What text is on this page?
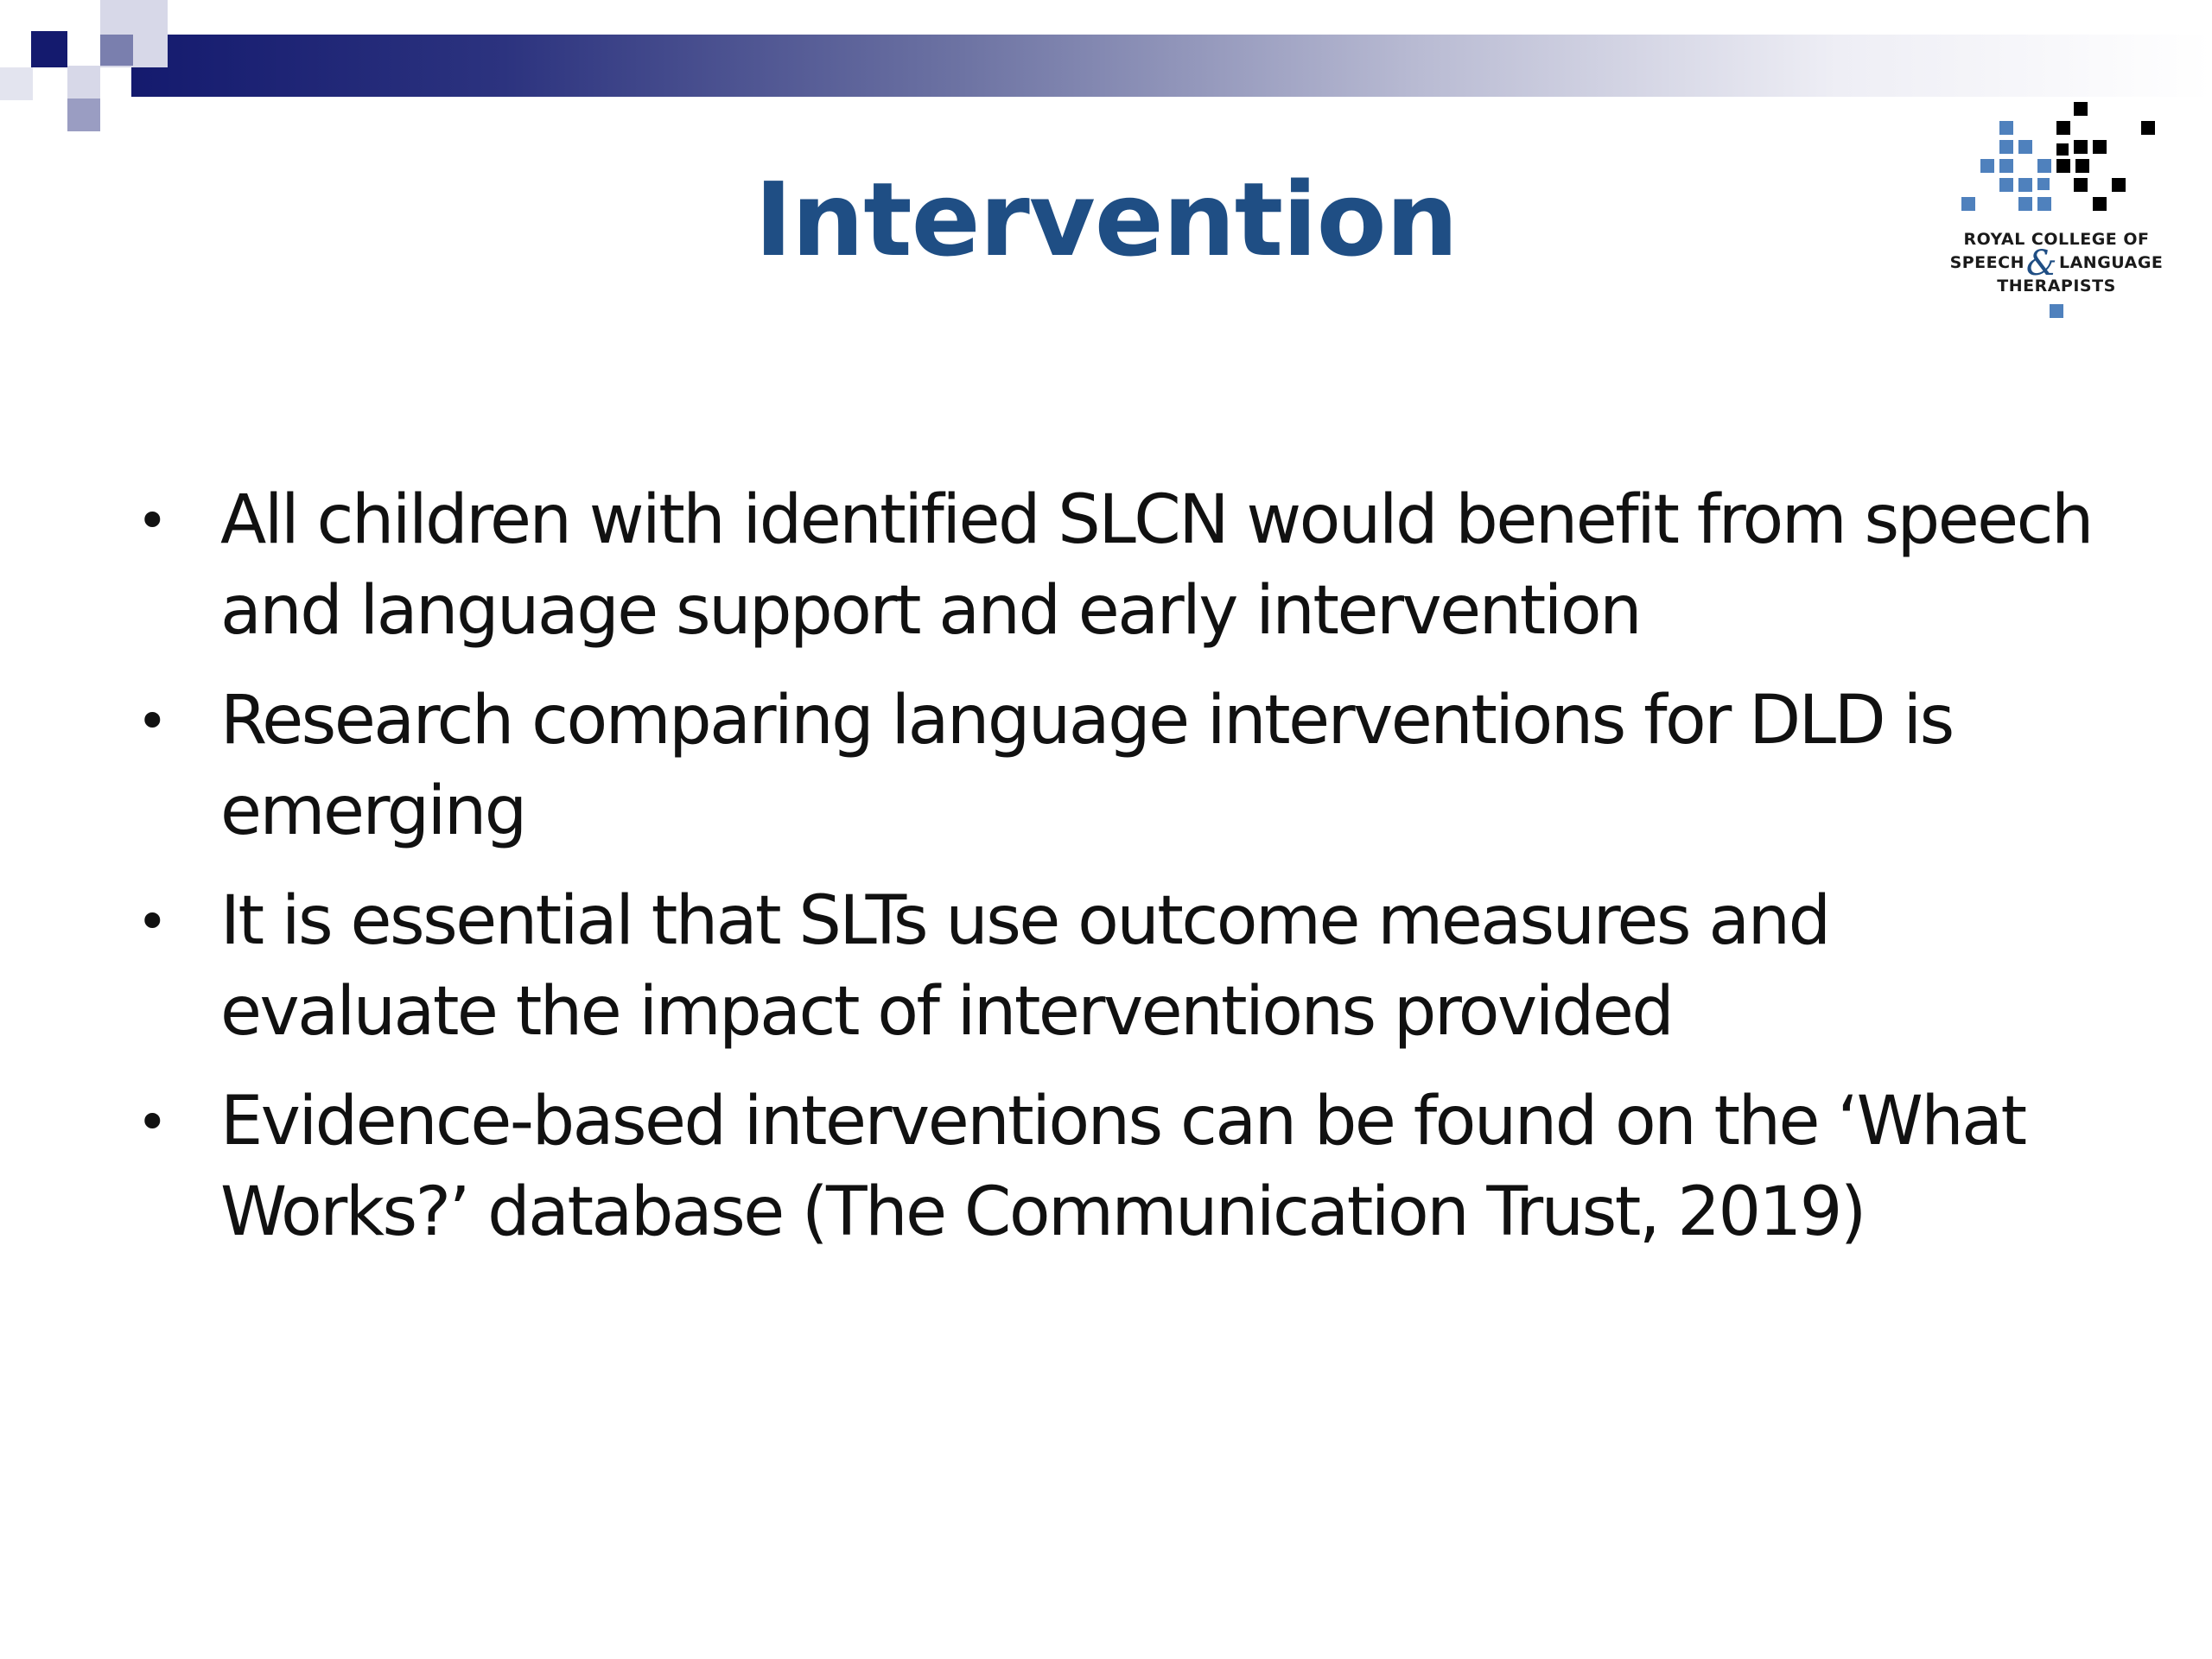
Intervention	ROYAL COLLEGE OF
SPEECH& LANGUAGE
THERAPISTS
• All children with identified SLCN would benefit from speech and language support and early intervention
• Research comparing language interventions for DLD is emerging
• It is essential that SLTs use outcome measures and evaluate the impact of interventions provided
• Evidence-based interventions can be found on the ‘What Works?’ database (The Communication Trust, 2019)
